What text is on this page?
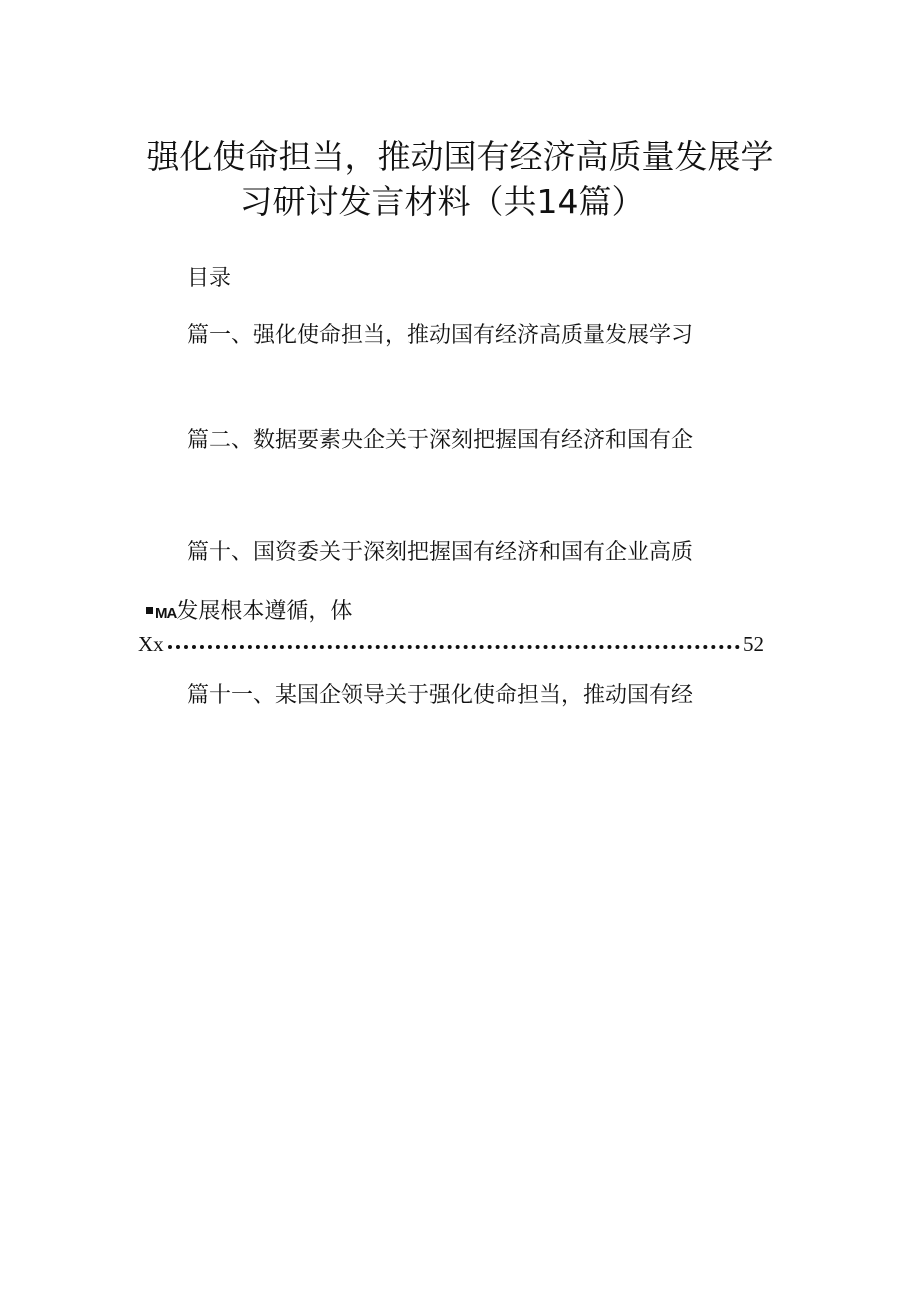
强化使命担当，推动国有经济高质量发展学
习研讨发言材料（共14篇）
目录
篇一、强化使命担当，推动国有经济高质量发展学习
篇二、数据要素央企关于深刻把握国有经济和国有企
篇十、国资委关于深刻把握国有经济和国有企业高质
MA发展根本遵循，体
Xx	52
篇十一、某国企领导关于强化使命担当，推动国有经
